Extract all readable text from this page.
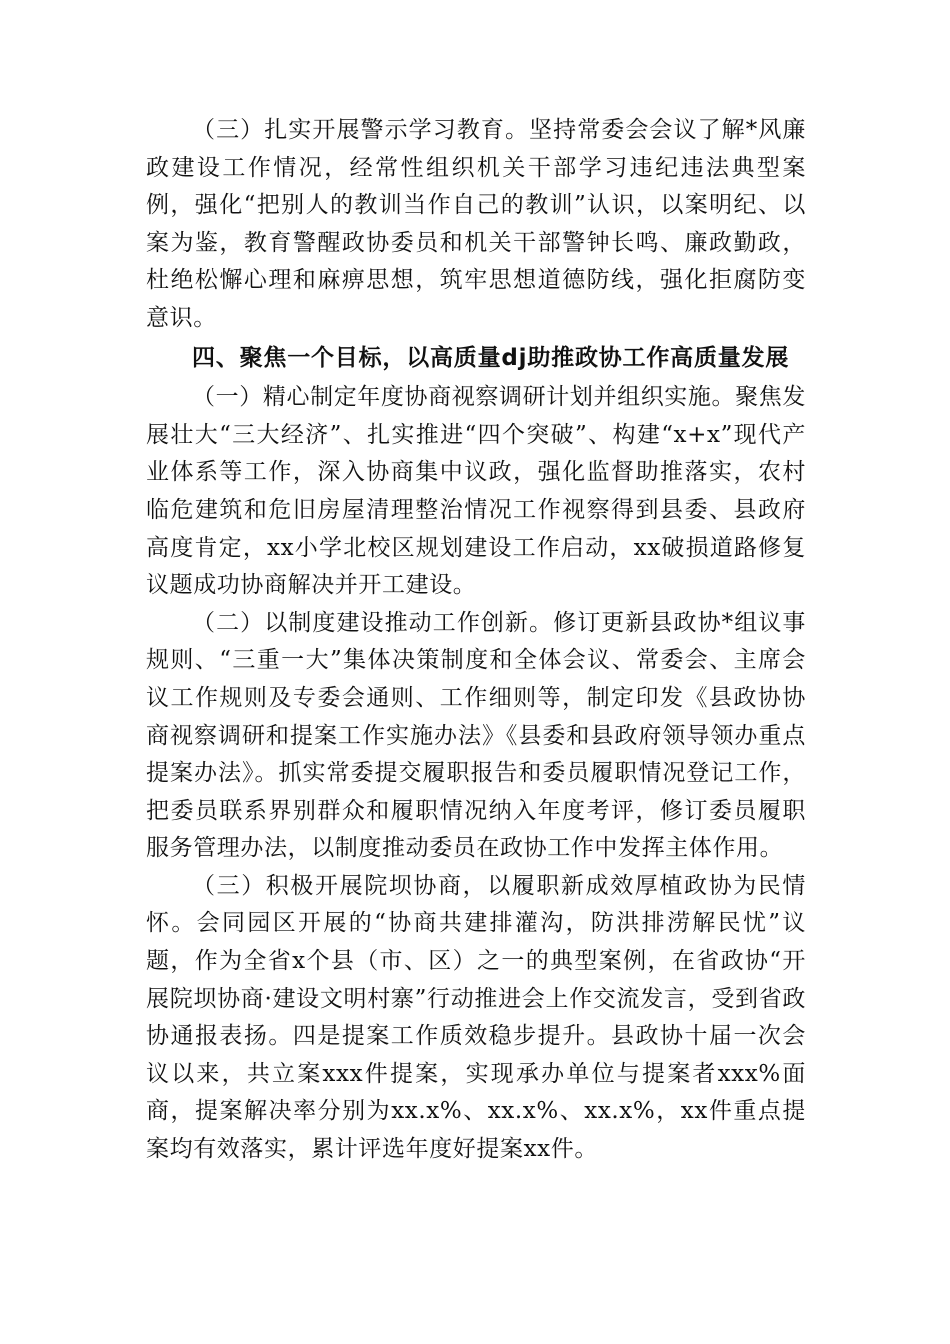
（三）扎实开展警示学习教育。坚持常委会会议了解*风廉政建设工作情况，经常性组织机关干部学习违纪违法典型案例，强化“把别人的教训当作自己的教训”认识，以案明纪、以案为鉴，教育警醒政协委员和机关干部警钟长鸣、廉政勤政，杜绝松懈心理和麻痹思想，筑牢思想道德防线，强化拒腐防变意识。

四、聚焦一个目标，以高质量dj助推政协工作高质量发展

（一）精心制定年度协商视察调研计划并组织实施。聚焦发展壮大“三大经济”、扎实推进“四个突破”、构建“x+x”现代产业体系等工作，深入协商集中议政，强化监督助推落实，农村临危建筑和危旧房屋清理整治情况工作视察得到县委、县政府高度肯定，xx小学北校区规划建设工作启动，xx破损道路修复议题成功协商解决并开工建设。

（二）以制度建设推动工作创新。修订更新县政协*组议事规则、“三重一大”集体决策制度和全体会议、常委会、主席会议工作规则及专委会通则、工作细则等，制定印发《县政协协商视察调研和提案工作实施办法》《县委和县政府领导领办重点提案办法》。抓实常委提交履职报告和委员履职情况登记工作，把委员联系界别群众和履职情况纳入年度考评，修订委员履职服务管理办法，以制度推动委员在政协工作中发挥主体作用。

（三）积极开展院坝协商，以履职新成效厚植政协为民情怀。会同园区开展的“协商共建排灌沟，防洪排涝解民忧”议题，作为全省x个县（市、区）之一的典型案例，在省政协“开展院坝协商·建设文明村寨”行动推进会上作交流发言，受到省政协通报表扬。四是提案工作质效稳步提升。县政协十届一次会议以来，共立案xxx件提案，实现承办单位与提案者xxx%面商，提案解决率分别为xx.x%、xx.x%、xx.x%，xx件重点提案均有效落实，累计评选年度好提案xx件。
